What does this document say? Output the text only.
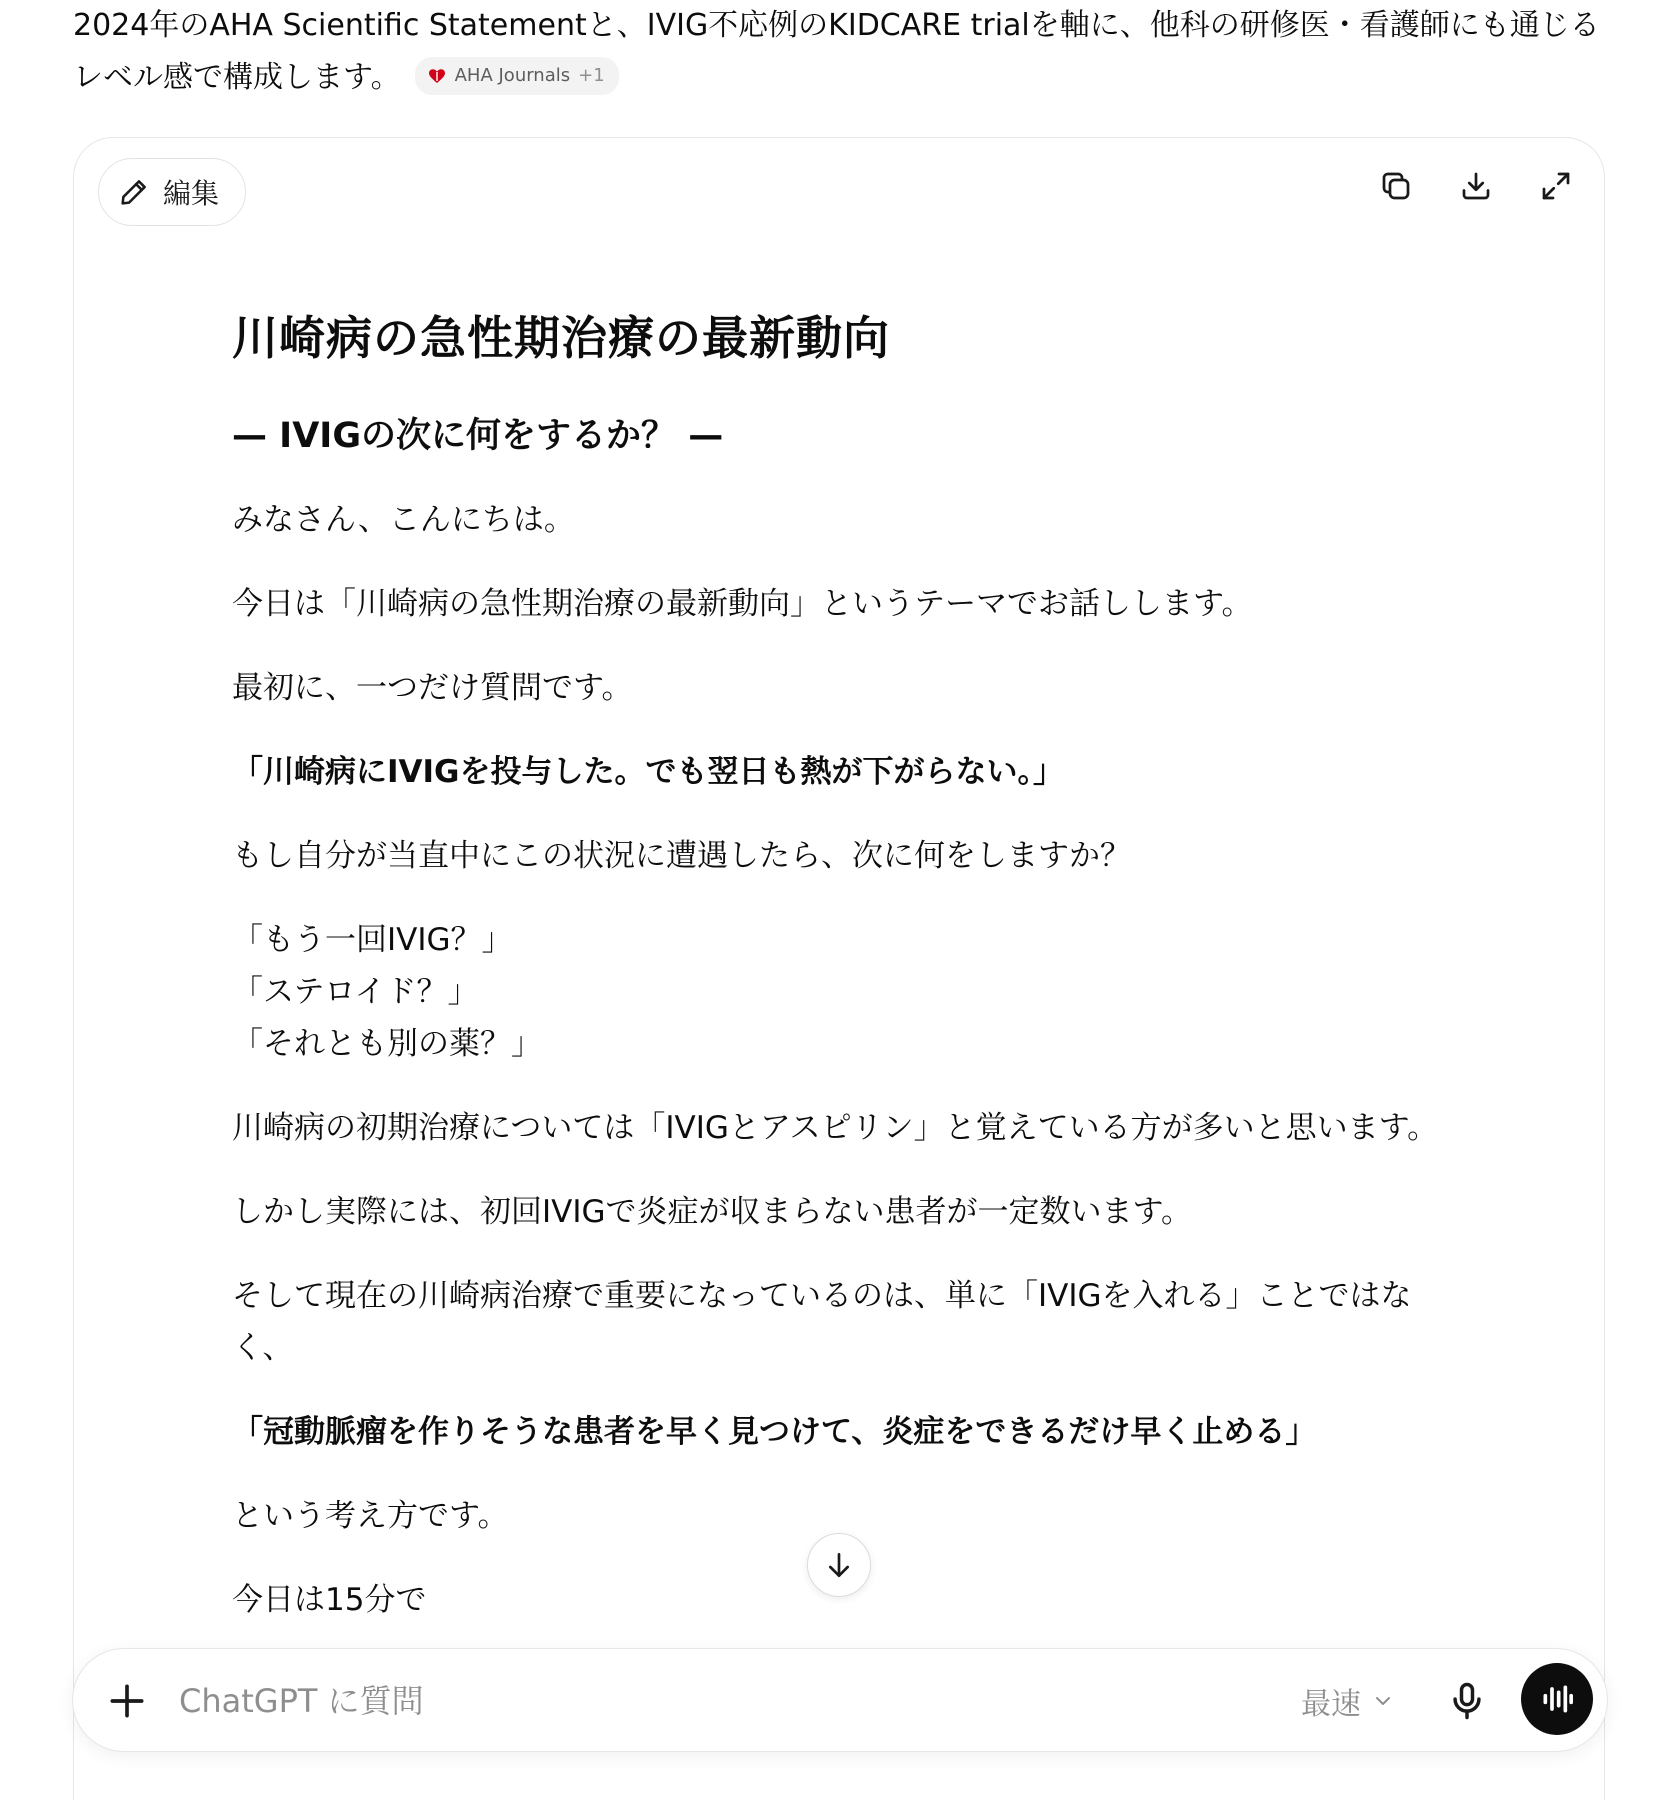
2024年のAHA Scientific Statementと、IVIG不応例のKIDCARE trialを軸に、他科の研修医・看護師にも通じるレベル感で構成します。	AHA Journals +1
編集
川崎病の急性期治療の最新動向
— IVIGの次に何をするか？ —

みなさん、こんにちは。

今日は「川崎病の急性期治療の最新動向」というテーマでお話しします。

最初に、一つだけ質問です。

「川崎病にIVIGを投与した。でも翌日も熱が下がらない。」

もし自分が当直中にこの状況に遭遇したら、次に何をしますか？

「もう一回IVIG？」
「ステロイド？」
「それとも別の薬？」

川崎病の初期治療については「IVIGとアスピリン」と覚えている方が多いと思います。

しかし実際には、初回IVIGで炎症が収まらない患者が一定数います。

そして現在の川崎病治療で重要になっているのは、単に「IVIGを入れる」ことではなく、

「冠動脈瘤を作りそうな患者を早く見つけて、炎症をできるだけ早く止める」

という考え方です。

今日は15分で

ChatGPT に質問
最速
